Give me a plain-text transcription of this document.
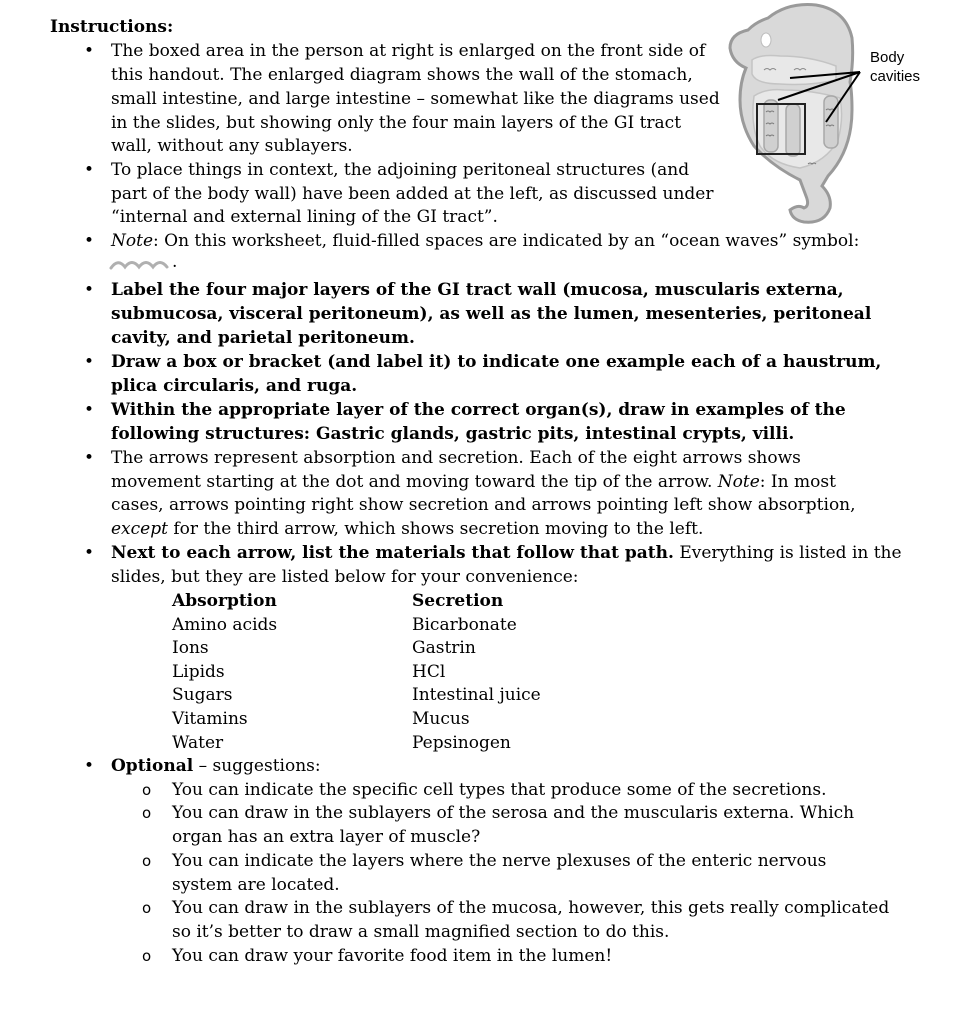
Instructions:
• The boxed area in the person at right is enlarged on the front side of
this handout. The enlarged diagram shows the wall of the stomach,
small intestine, and large intestine – somewhat like the diagrams used
in the slides, but showing only the four main layers of the GI tract
wall, without any sublayers.
• To place things in context, the adjoining peritoneal structures (and
part of the body wall) have been added at the left, as discussed under
“internal and external lining of the GI tract”.
• Note: On this worksheet, fluid-filled spaces are indicated by an “ocean waves” symbol:
.
• Label the four major layers of the GI tract wall (mucosa, muscularis externa,
submucosa, visceral peritoneum), as well as the lumen, mesenteries, peritoneal
cavity, and parietal peritoneum.
• Draw a box or bracket (and label it) to indicate one example each of a haustrum,
plica circularis, and ruga.
• Within the appropriate layer of the correct organ(s), draw in examples of the
following structures: Gastric glands, gastric pits, intestinal crypts, villi.
• The arrows represent absorption and secretion. Each of the eight arrows shows
movement starting at the dot and moving toward the tip of the arrow. Note: In most
cases, arrows pointing right show secretion and arrows pointing left show absorption,
except for the third arrow, which shows secretion moving to the left.
• Next to each arrow, list the materials that follow that path. Everything is listed in the
slides, but they are listed below for your convenience:
Absorption
Amino acids
Ions
Lipids
Sugars
Vitamins
Water
Secretion
Bicarbonate
Gastrin
HCl
Intestinal juice
Mucus
Pepsinogen
• Optional – suggestions:
o You can indicate the specific cell types that produce some of the secretions.
o You can draw in the sublayers of the serosa and the muscularis externa. Which
organ has an extra layer of muscle?
o You can indicate the layers where the nerve plexuses of the enteric nervous
system are located.
o You can draw in the sublayers of the mucosa, however, this gets really complicated
so it’s better to draw a small magnified section to do this.
o You can draw your favorite food item in the lumen!
Body
cavities
